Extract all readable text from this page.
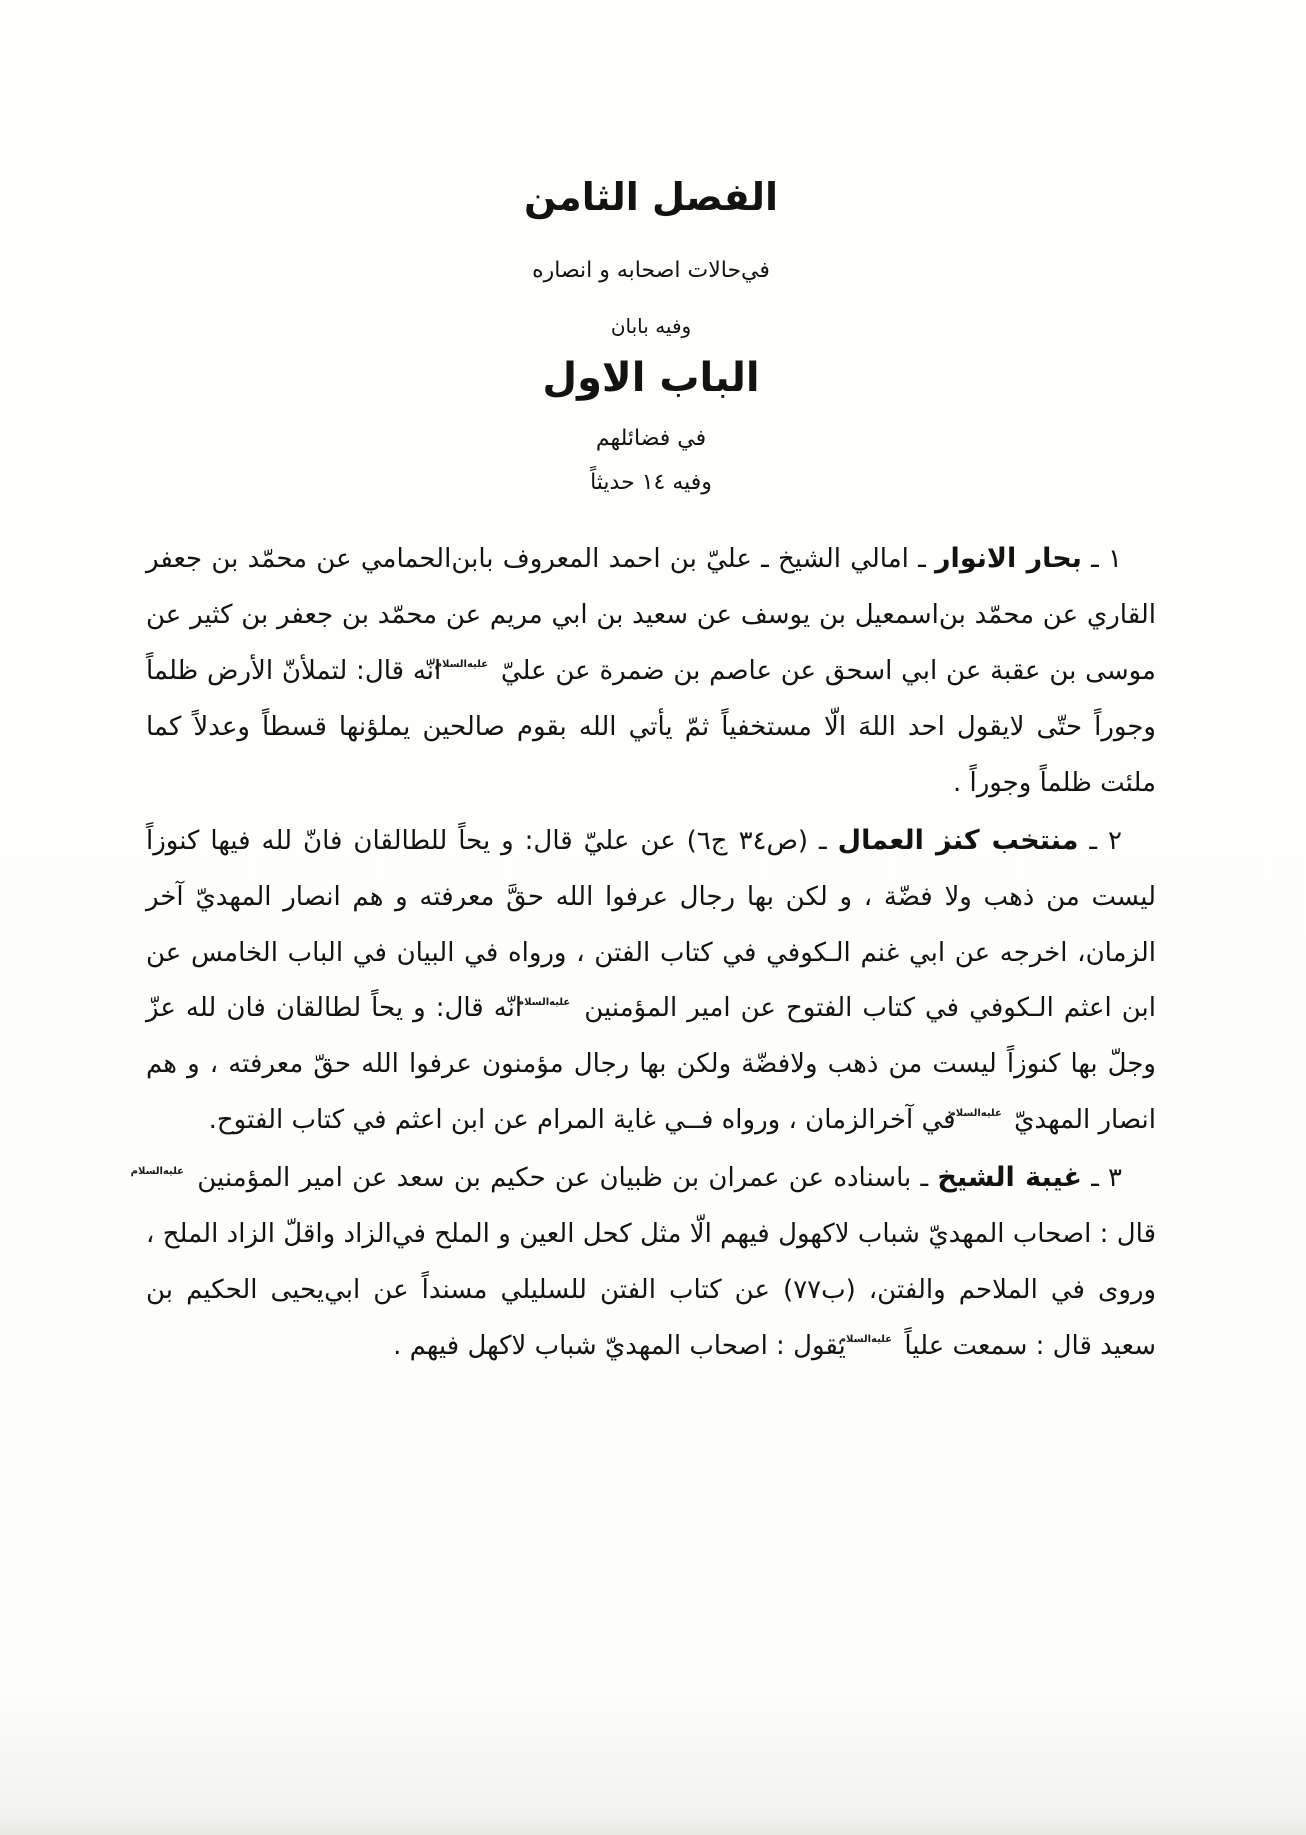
الفصل الثامن
في‌حالات اصحابه و انصاره
وفيه بابان
الباب الاول
في فضائلهم
وفيه ١٤ حديثاً

١ ـ بحار الانوار ـ امالي الشيخ ـ عليّ بن احمد المعروف بابن‌الحمامي عن محمّد بن جعفر القاري عن محمّد بن‌اسمعيل بن يوسف عن سعيد بن ابي مريم عن محمّد بن جعفر بن كثير عن موسى بن عقبة عن ابي اسحق عن عاصم بن ضمرة عن عليّ عليه‌السلام انّه قال: لتملأنّ الأرض ظلماً وجوراً حتّى لايقول احد اللهَ الّا مستخفياً ثمّ يأتي الله بقوم صالحين يملؤنها قسطاً وعدلاً كما ملئت ظلماً وجوراً .

٢ ـ منتخب كنز العمال ـ (ص٣٤ ج٦) عن عليّ قال: و يحاً للطالقان فانّ لله فيها كنوزاً ليست من ذهب ولا فضّة ، و لكن بها رجال عرفوا الله حقَّ معرفته و هم انصار المهديّ آخر الزمان، اخرجه عن ابي غنم الـكوفي في كتاب الفتن ، ورواه في البيان في الباب الخامس عن ابن اعثم الـكوفي في كتاب الفتوح عن امير المؤمنين عليه‌السلام انّه قال: و يحاً لطالقان فان لله عزّ وجلّ بها كنوزاً ليست من ذهب ولافضّة ولكن بها رجال مؤمنون عرفوا الله حقّ معرفته ، و هم انصار المهديّ عليه‌السلام في آخرالزمان ، ورواه فــي غاية المرام عن ابن اعثم في كتاب الفتوح.

٣ ـ غيبة الشيخ ـ باسناده عن عمران بن ظبيان عن حكيم بن سعد عن امير المؤمنين عليه‌السلام قال : اصحاب المهديّ شباب لاكهول فيهم الّا مثل كحل العين و الملح في‌الزاد واقلّ الزاد الملح ، وروى في الملاحم والفتن، (ب٧٧) عن كتاب الفتن للسليلي مسنداً عن ابي‌يحيى الحكيم بن سعيد قال : سمعت علياً عليه‌السلام يقول : اصحاب المهديّ شباب لاكهل فيهم .
